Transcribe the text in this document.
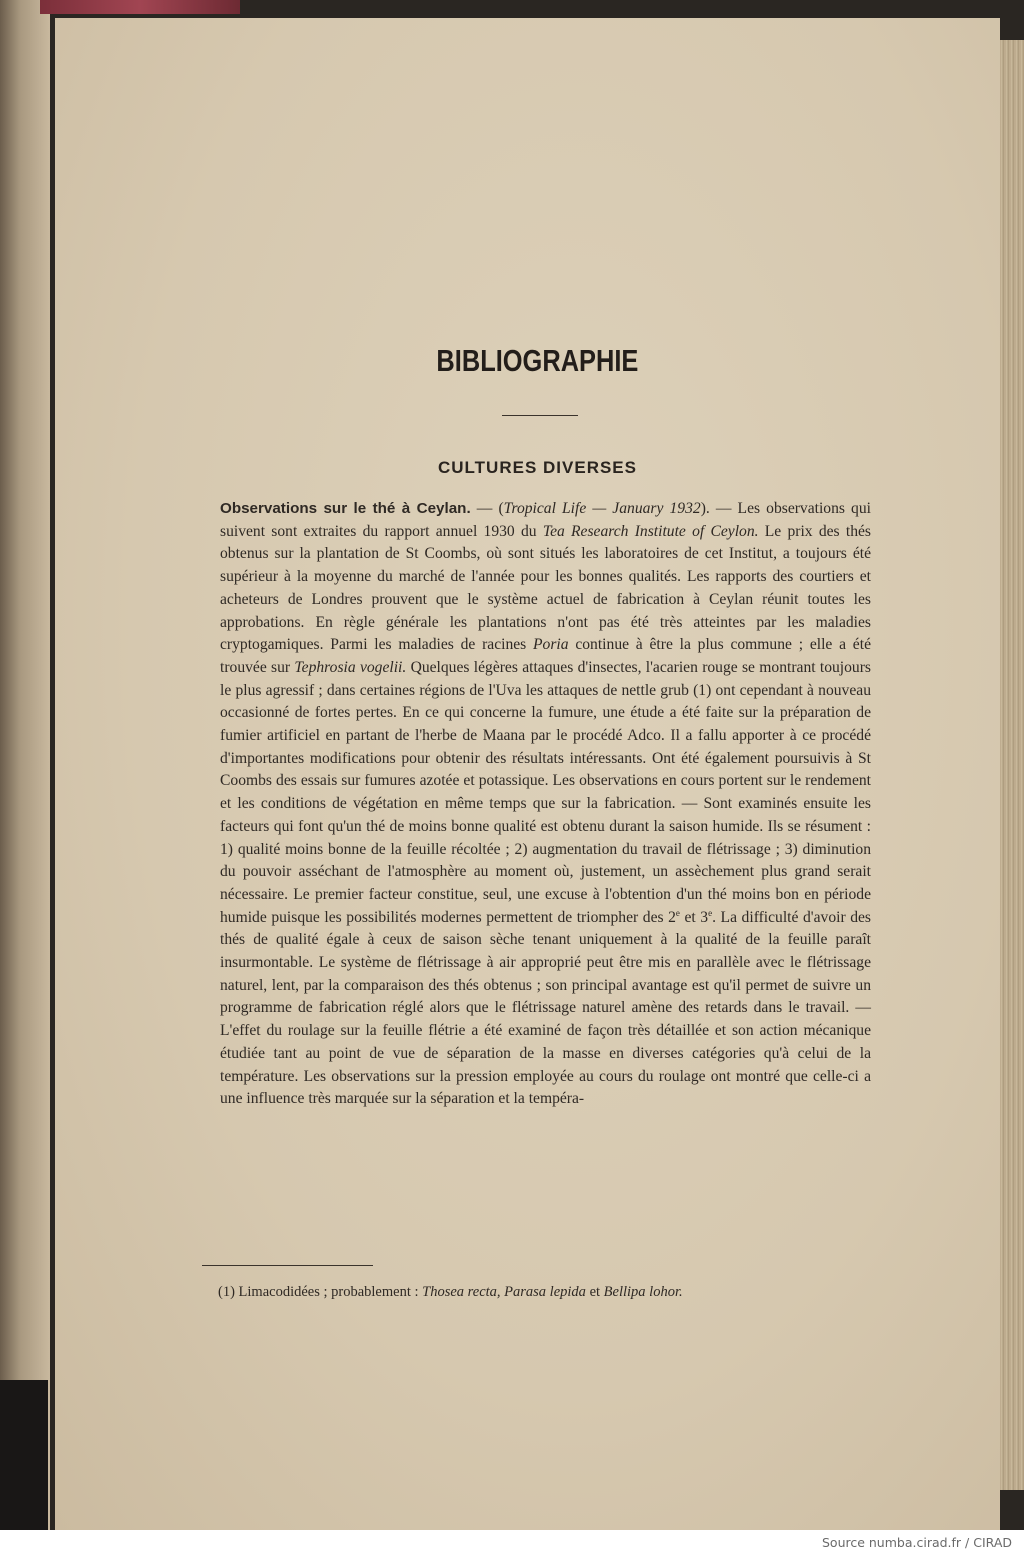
BIBLIOGRAPHIE
CULTURES DIVERSES

Observations sur le thé à Ceylan. — (Tropical Life — January 1932). — Les observations qui suivent sont extraites du rapport annuel 1930 du Tea Research Institute of Ceylon. Le prix des thés obtenus sur la plantation de St Coombs, où sont situés les laboratoires de cet Institut, a toujours été supérieur à la moyenne du marché de l'année pour les bonnes qualités. Les rapports des courtiers et acheteurs de Londres prouvent que le système actuel de fabrication à Ceylan réunit toutes les approbations. En règle générale les plantations n'ont pas été très atteintes par les maladies cryptogamiques. Parmi les maladies de racines Poria continue à être la plus commune ; elle a été trouvée sur Tephrosia vogelii. Quelques légères attaques d'insectes, l'acarien rouge se montrant toujours le plus agressif ; dans certaines régions de l'Uva les attaques de nettle grub (1) ont cependant à nouveau occasionné de fortes pertes. En ce qui concerne la fumure, une étude a été faite sur la préparation de fumier artificiel en partant de l'herbe de Maana par le procédé Adco. Il a fallu apporter à ce procédé d'importantes modifications pour obtenir des résultats intéressants. Ont été également poursuivis à St Coombs des essais sur fumures azotée et potassique. Les observations en cours portent sur le rendement et les conditions de végétation en même temps que sur la fabrication. — Sont examinés ensuite les facteurs qui font qu'un thé de moins bonne qualité est obtenu durant la saison humide. Ils se résument : 1) qualité moins bonne de la feuille récoltée ; 2) augmentation du travail de flétrissage ; 3) diminution du pouvoir asséchant de l'atmosphère au moment où, justement, un assèchement plus grand serait nécessaire. Le premier facteur constitue, seul, une excuse à l'obtention d'un thé moins bon en période humide puisque les possibilités modernes permettent de triompher des 2e et 3e. La difficulté d'avoir des thés de qualité égale à ceux de saison sèche tenant uniquement à la qualité de la feuille paraît insurmontable. Le système de flétrissage à air approprié peut être mis en parallèle avec le flétrissage naturel, lent, par la comparaison des thés obtenus ; son principal avantage est qu'il permet de suivre un programme de fabrication réglé alors que le flétrissage naturel amène des retards dans le travail. — L'effet du roulage sur la feuille flétrie a été examiné de façon très détaillée et son action mécanique étudiée tant au point de vue de séparation de la masse en diverses catégories qu'à celui de la température. Les observations sur la pression employée au cours du roulage ont montré que celle-ci a une influence très marquée sur la séparation et la tempéra-

(1) Limacodidées ; probablement : Thosea recta, Parasa lepida et Bellipa lohor.

Source numba.cirad.fr / CIRAD
